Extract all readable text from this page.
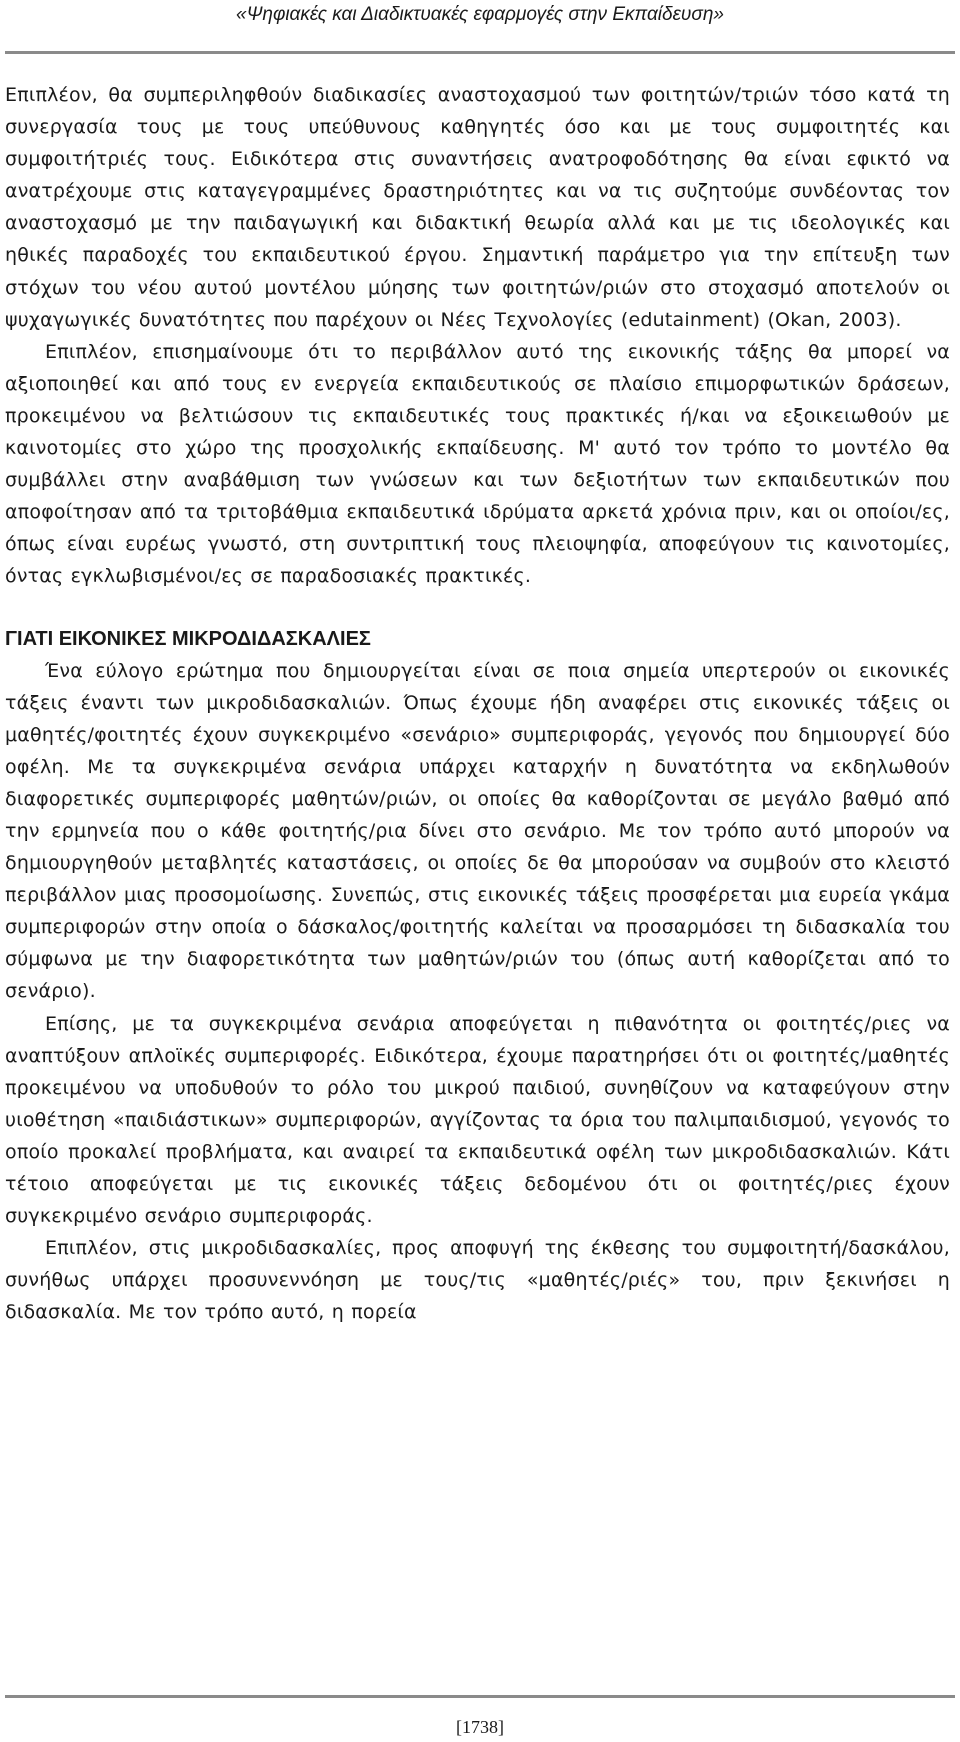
«Ψηφιακές και Διαδικτυακές εφαρμογές στην Εκπαίδευση»

Επιπλέον, θα συμπεριληφθούν διαδικασίες αναστοχασμού των φοιτητών/τριών τόσο κατά τη συνεργασία τους με τους υπεύθυνους καθηγητές όσο και με τους συμφοιτητές και συμφοιτήτριές τους. Ειδικότερα στις συναντήσεις ανατροφοδότησης θα είναι εφικτό να ανατρέχουμε στις καταγεγραμμένες δραστηριότητες και να τις συζητούμε συνδέοντας τον αναστοχασμό με την παιδαγωγική και διδακτική θεωρία αλλά και με τις ιδεολογικές και ηθικές παραδοχές του εκπαιδευτικού έργου. Σημαντική παράμετρο για την επίτευξη των στόχων του νέου αυτού μοντέλου μύησης των φοιτητών/ριών στο στοχασμό αποτελούν οι ψυχαγωγικές δυνατότητες που παρέχουν οι Νέες Τεχνολογίες (edutainment) (Okan, 2003).

Επιπλέον, επισημαίνουμε ότι το περιβάλλον αυτό της εικονικής τάξης θα μπορεί να αξιοποιηθεί και από τους εν ενεργεία εκπαιδευτικούς σε πλαίσιο επιμορφωτικών δράσεων, προκειμένου να βελτιώσουν τις εκπαιδευτικές τους πρακτικές ή/και να εξοικειωθούν με καινοτομίες στο χώρο της προσχολικής εκπαίδευσης. Μ' αυτό τον τρόπο το μοντέλο θα συμβάλλει στην αναβάθμιση των γνώσεων και των δεξιοτήτων των εκπαιδευτικών που αποφοίτησαν από τα τριτοβάθμια εκπαιδευτικά ιδρύματα αρκετά χρόνια πριν, και οι οποίοι/ες, όπως είναι ευρέως γνωστό, στη συντριπτική τους πλειοψηφία, αποφεύγουν τις καινοτομίες, όντας εγκλωβισμένοι/ες σε παραδοσιακές πρακτικές.

ΓΙΑΤΙ ΕΙΚΟΝΙΚΕΣ ΜΙΚΡΟΔΙΔΑΣΚΑΛΙΕΣ

Ένα εύλογο ερώτημα που δημιουργείται είναι σε ποια σημεία υπερτερούν οι εικονικές τάξεις έναντι των μικροδιδασκαλιών. Όπως έχουμε ήδη αναφέρει στις εικονικές τάξεις οι μαθητές/φοιτητές έχουν συγκεκριμένο «σενάριο» συμπεριφοράς, γεγονός που δημιουργεί δύο οφέλη. Με τα συγκεκριμένα σενάρια υπάρχει καταρχήν η δυνατότητα να εκδηλωθούν διαφορετικές συμπεριφορές μαθητών/ριών, οι οποίες θα καθορίζονται σε μεγάλο βαθμό από την ερμηνεία που ο κάθε φοιτητής/ρια δίνει στο σενάριο. Με τον τρόπο αυτό μπορούν να δημιουργηθούν μεταβλητές καταστάσεις, οι οποίες δε θα μπορούσαν να συμβούν στο κλειστό περιβάλλον μιας προσομοίωσης. Συνεπώς, στις εικονικές τάξεις προσφέρεται μια ευρεία γκάμα συμπεριφορών στην οποία ο δάσκαλος/φοιτητής καλείται να προσαρμόσει τη διδασκαλία του σύμφωνα με την διαφορετικότητα των μαθητών/ριών του (όπως αυτή καθορίζεται από το σενάριο).

Επίσης, με τα συγκεκριμένα σενάρια αποφεύγεται η πιθανότητα οι φοιτητές/ριες να αναπτύξουν απλοϊκές συμπεριφορές. Ειδικότερα, έχουμε παρατηρήσει ότι οι φοιτητές/μαθητές προκειμένου να υποδυθούν το ρόλο του μικρού παιδιού, συνηθίζουν να καταφεύγουν στην υιοθέτηση «παιδιάστικων» συμπεριφορών, αγγίζοντας τα όρια του παλιμπαιδισμού, γεγονός το οποίο προκαλεί προβλήματα, και αναιρεί τα εκπαιδευτικά οφέλη των μικροδιδασκαλιών. Κάτι τέτοιο αποφεύγεται με τις εικονικές τάξεις δεδομένου ότι οι φοιτητές/ριες έχουν συγκεκριμένο σενάριο συμπεριφοράς.

Επιπλέον, στις μικροδιδασκαλίες, προς αποφυγή της έκθεσης του συμφοιτητή/δασκάλου, συνήθως υπάρχει προσυνεννόηση με τους/τις «μαθητές/ριές» του, πριν ξεκινήσει η διδασκαλία. Με τον τρόπο αυτό, η πορεία

[1738]
